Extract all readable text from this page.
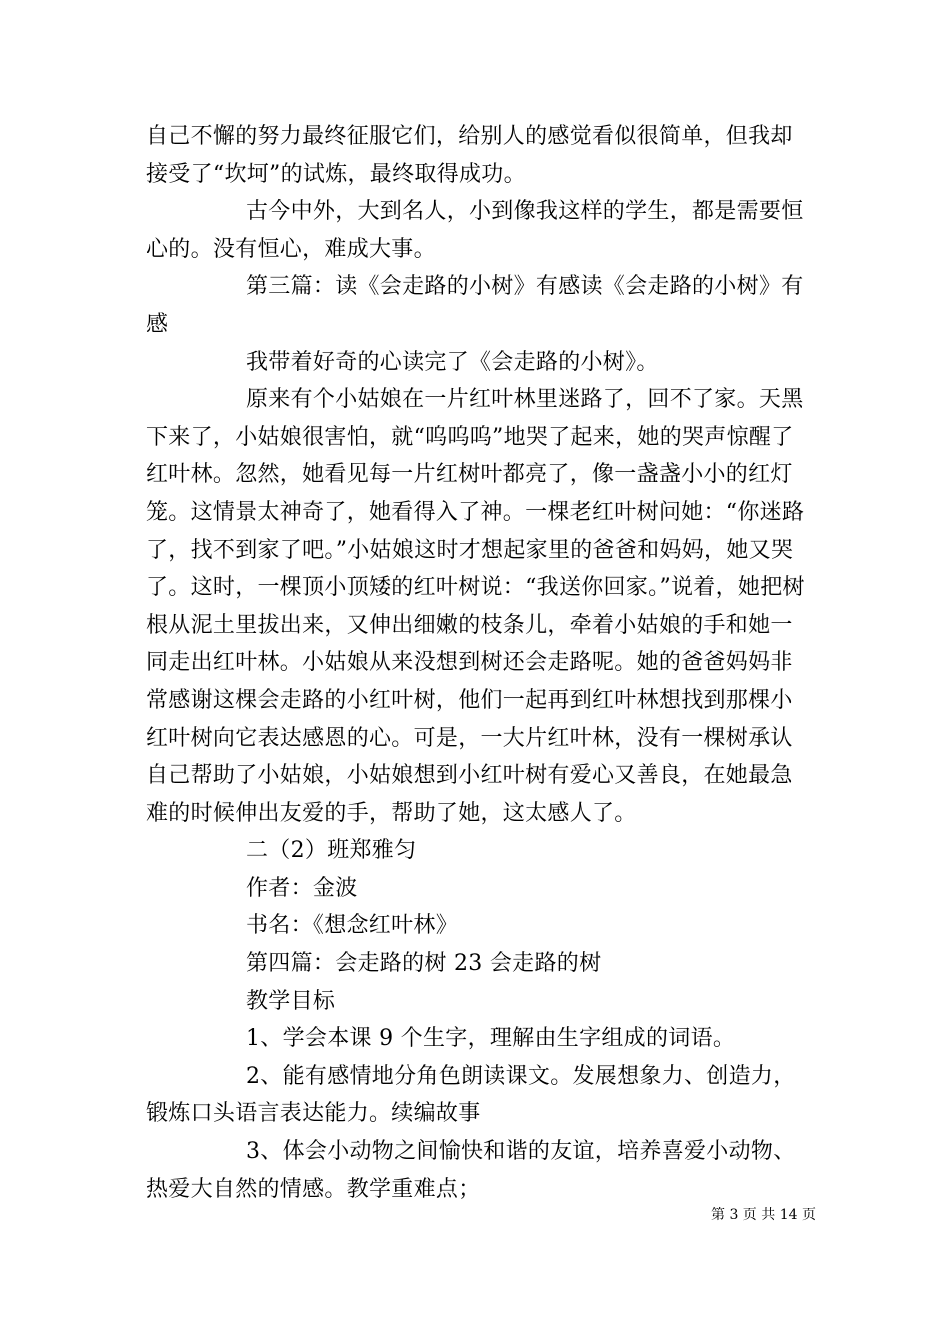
自己不懈的努力最终征服它们，给别人的感觉看似很简单，但我却接受了“坎坷”的试炼，最终取得成功。

古今中外，大到名人，小到像我这样的学生，都是需要恒心的。没有恒心，难成大事。

第三篇：读《会走路的小树》有感读《会走路的小树》有感

我带着好奇的心读完了《会走路的小树》。

原来有个小姑娘在一片红叶林里迷路了，回不了家。天黑下来了，小姑娘很害怕，就“呜呜呜”地哭了起来，她的哭声惊醒了红叶林。忽然，她看见每一片红树叶都亮了，像一盏盏小小的红灯笼。这情景太神奇了，她看得入了神。一棵老红叶树问她：“你迷路了，找不到家了吧。”小姑娘这时才想起家里的爸爸和妈妈，她又哭了。这时，一棵顶小顶矮的红叶树说：“我送你回家。”说着，她把树根从泥土里拔出来，又伸出细嫩的枝条儿，牵着小姑娘的手和她一同走出红叶林。小姑娘从来没想到树还会走路呢。她的爸爸妈妈非常感谢这棵会走路的小红叶树，他们一起再到红叶林想找到那棵小红叶树向它表达感恩的心。可是，一大片红叶林，没有一棵树承认自己帮助了小姑娘，小姑娘想到小红叶树有爱心又善良，在她最急难的时候伸出友爱的手，帮助了她，这太感人了。

二（2）班郑雅匀

作者：金波

书名：《想念红叶林》

第四篇：会走路的树 23 会走路的树

教学目标

1、学会本课 9 个生字，理解由生字组成的词语。

2、能有感情地分角色朗读课文。发展想象力、创造力，锻炼口头语言表达能力。续编故事

3、体会小动物之间愉快和谐的友谊，培养喜爱小动物、热爱大自然的情感。教学重难点；

第 3 页 共 14 页
